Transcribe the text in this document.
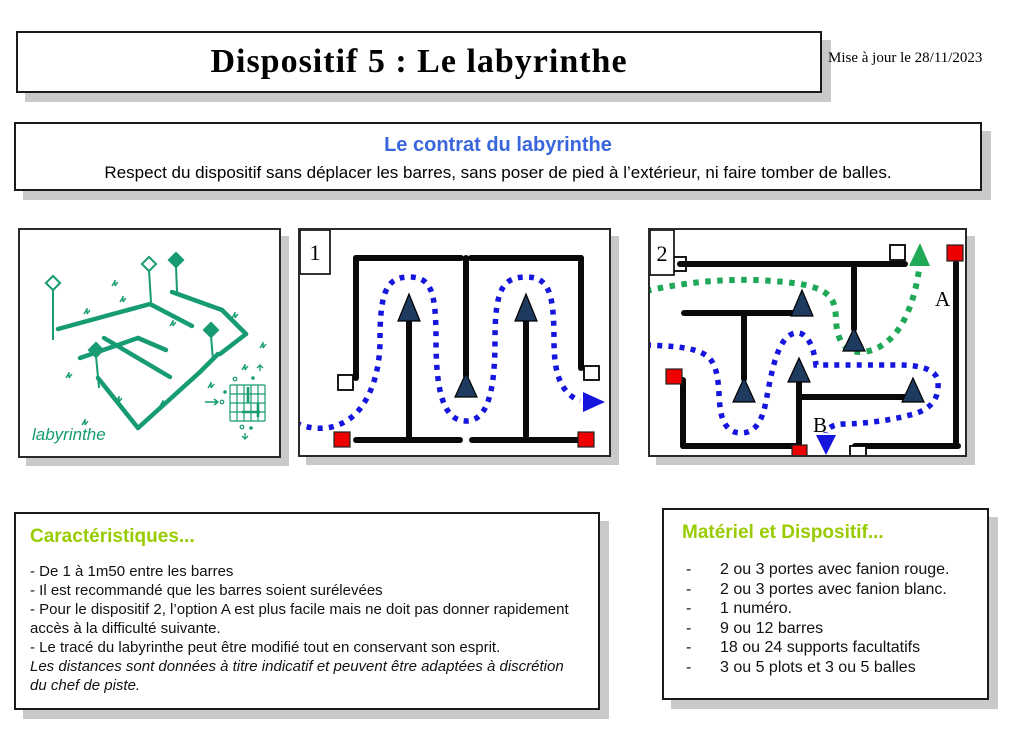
Dispositif 5 : Le labyrinthe	Mise à jour le 28/11/2023

Le contrat du labyrinthe

Respect du dispositif sans déplacer les barres, sans poser de pied à l’extérieur, ni faire tomber de balles.

labyrinthe
1	2
A
B

Caractéristiques...

- De 1 à 1m50 entre les barres
- Il est recommandé que les barres soient surélevées
- Pour le dispositif 2, l’option A est plus facile mais ne doit pas donner rapidement accès à la difficulté suivante.
- Le tracé du labyrinthe peut être modifié tout en conservant son esprit.
Les distances sont données à titre indicatif et peuvent être adaptées à discrétion du chef de piste.

Matériel et Dispositif...

-	2 ou 3 portes avec fanion rouge.
-	2 ou 3 portes avec fanion blanc.
-	1 numéro.
-	9 ou 12 barres
-	18 ou 24 supports facultatifs
-	3 ou 5 plots et 3 ou 5 balles
